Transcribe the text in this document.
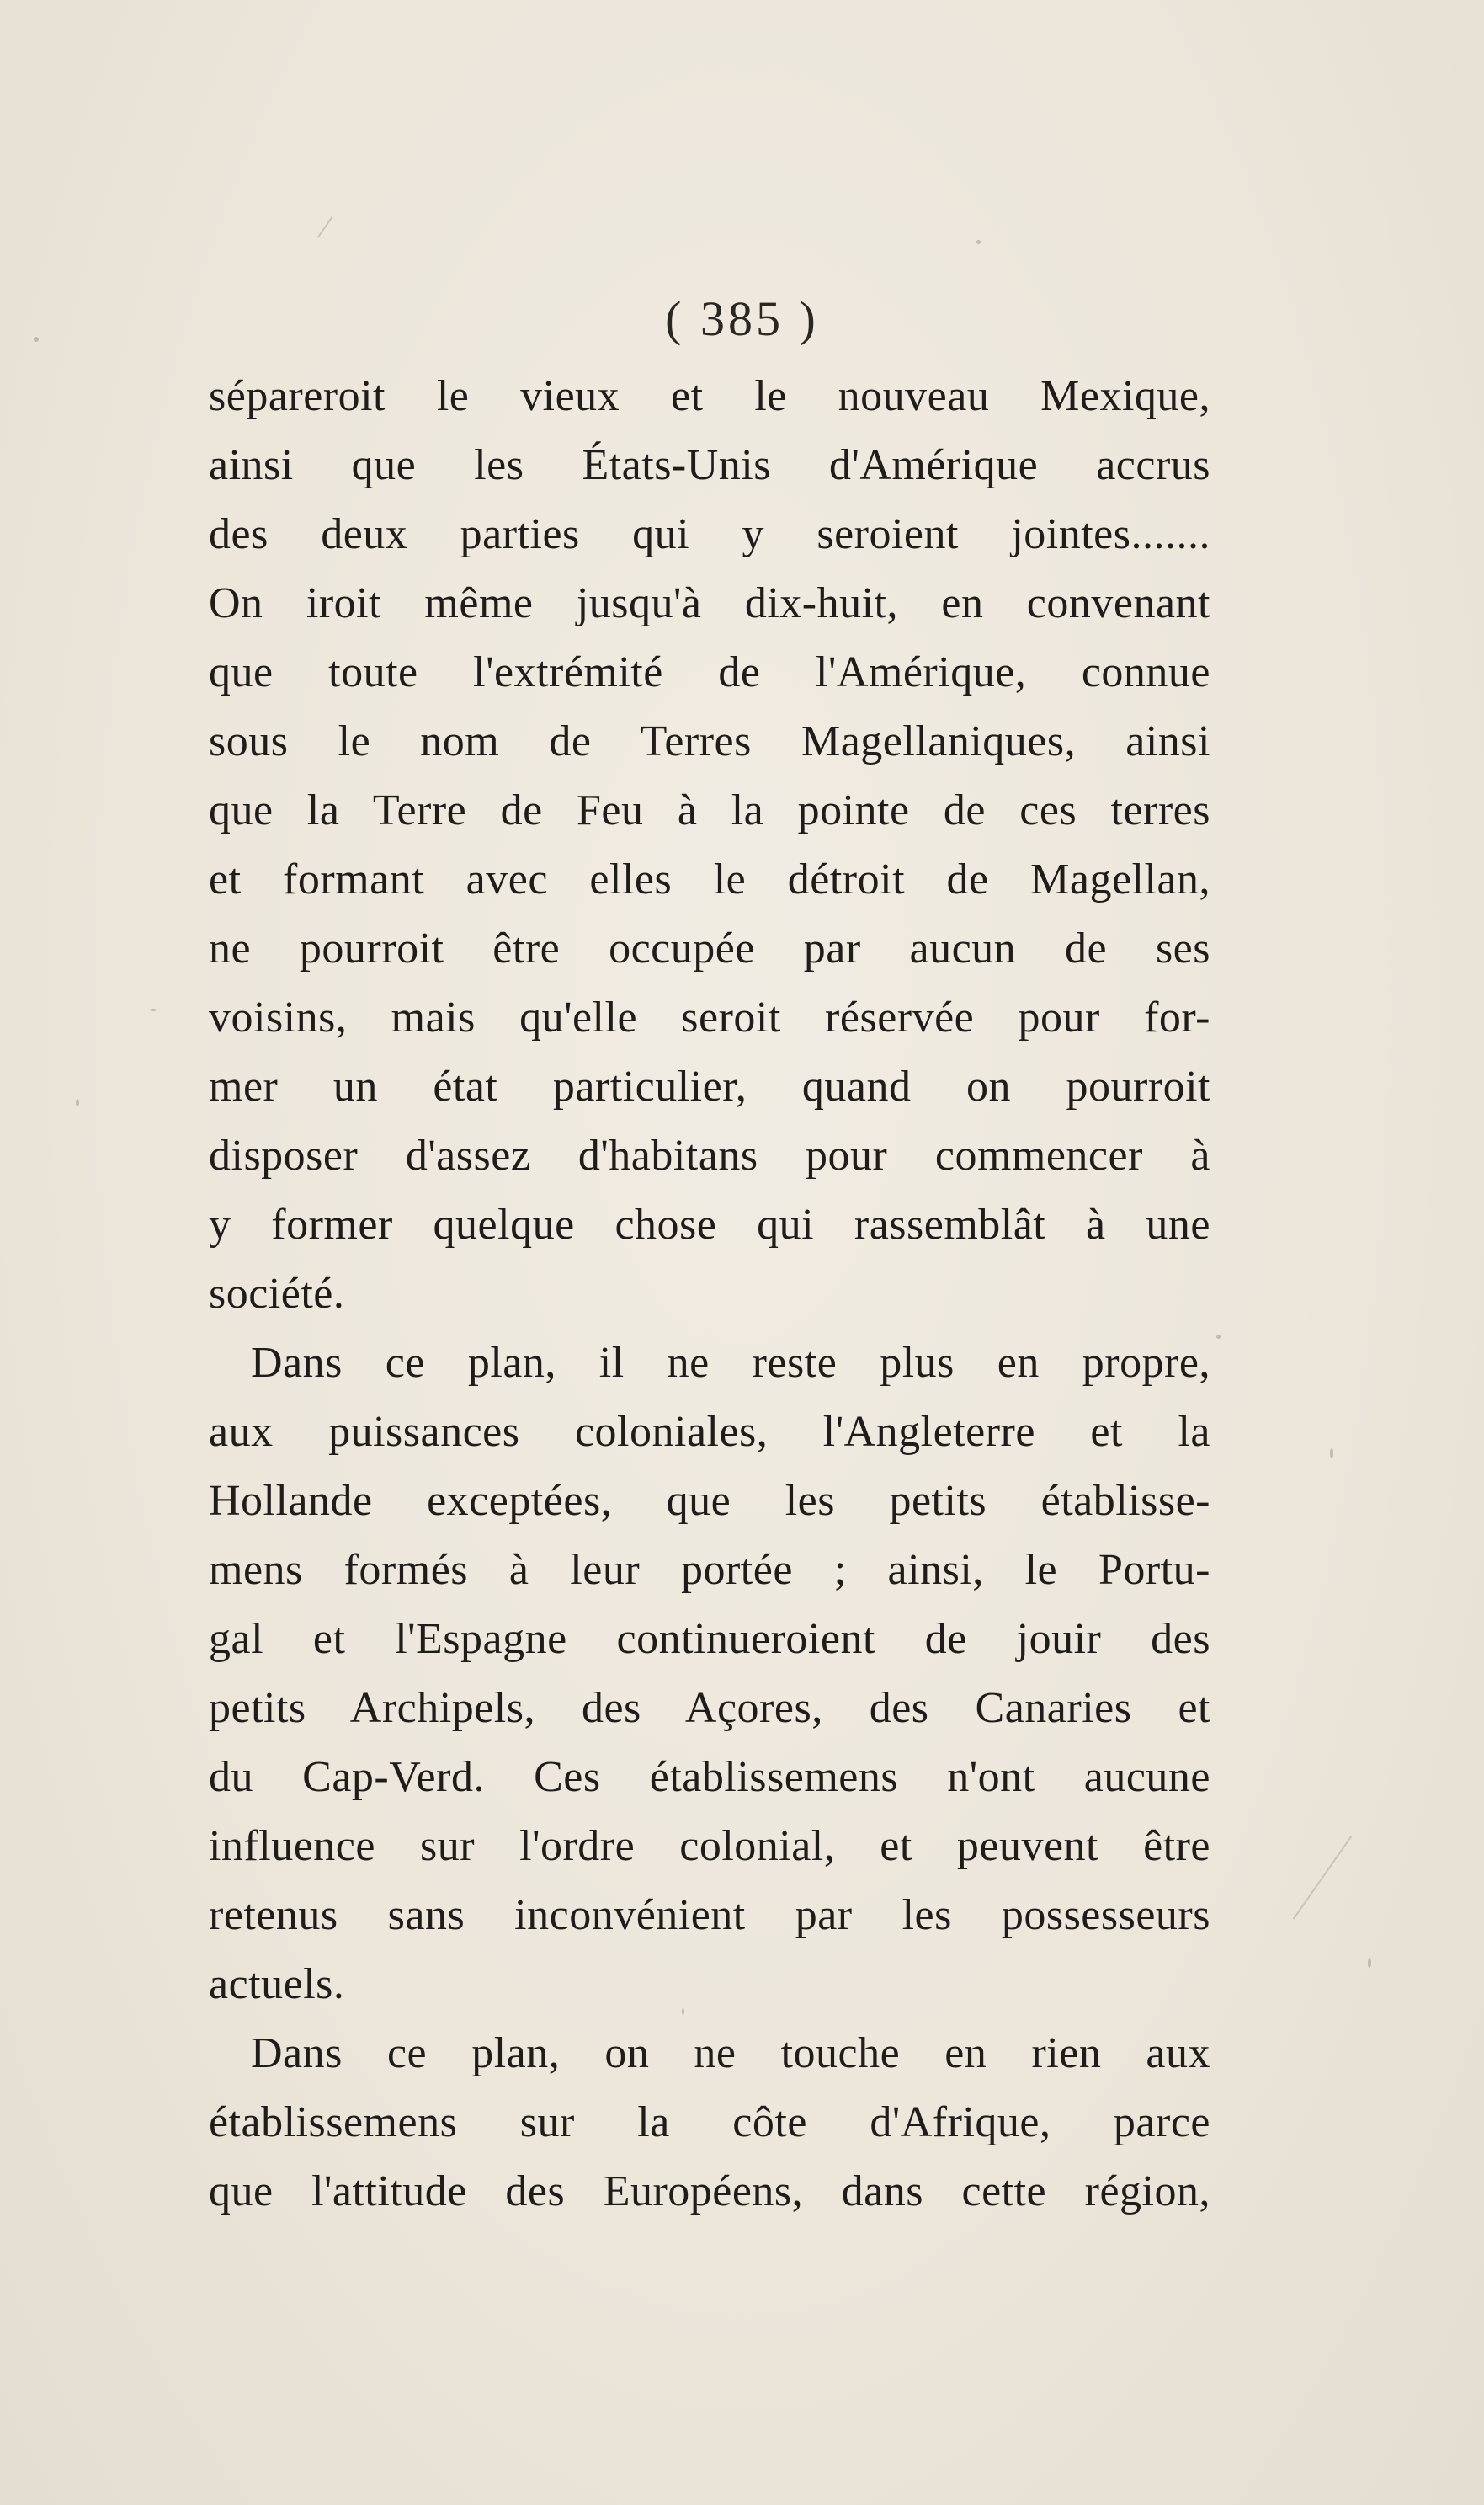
( 385 )
sépareroit le vieux et le nouveau Mexique,
ainsi que les États-Unis d'Amérique accrus
des deux parties qui y seroient jointes.......
On iroit même jusqu'à dix-huit, en convenant
que toute l'extrémité de l'Amérique, connue
sous le nom de Terres Magellaniques, ainsi
que la Terre de Feu à la pointe de ces terres
et formant avec elles le détroit de Magellan,
ne pourroit être occupée par aucun de ses
voisins, mais qu'elle seroit réservée pour for-
mer un état particulier, quand on pourroit
disposer d'assez d'habitans pour commencer à
y former quelque chose qui rassemblât à une
société.
Dans ce plan, il ne reste plus en propre,
aux puissances coloniales, l'Angleterre et la
Hollande exceptées, que les petits établisse-
mens formés à leur portée ; ainsi, le Portu-
gal et l'Espagne continueroient de jouir des
petits Archipels, des Açores, des Canaries et
du Cap-Verd. Ces établissemens n'ont aucune
influence sur l'ordre colonial, et peuvent être
retenus sans inconvénient par les possesseurs
actuels.
Dans ce plan, on ne touche en rien aux
établissemens sur la côte d'Afrique, parce
que l'attitude des Européens, dans cette région,
